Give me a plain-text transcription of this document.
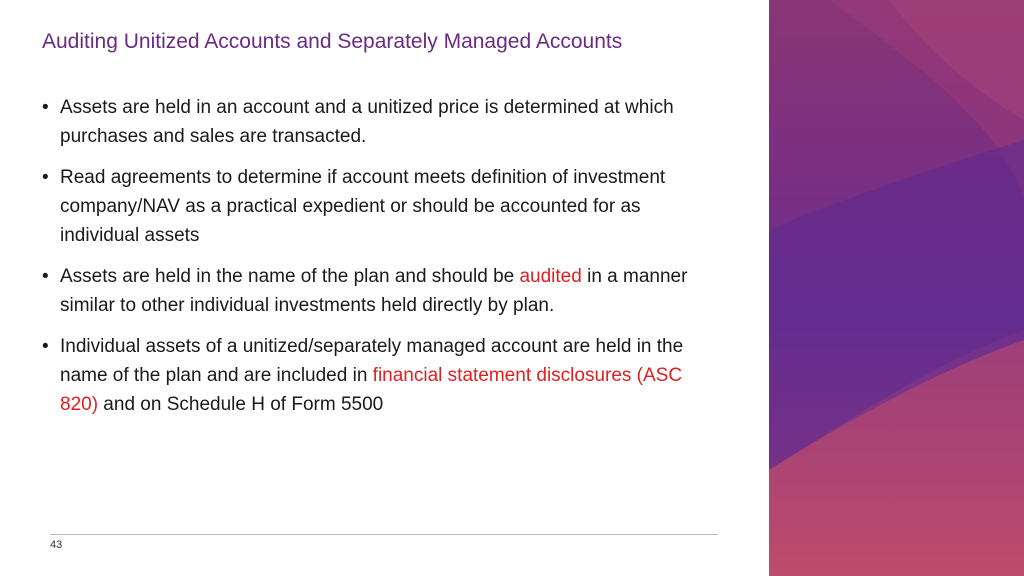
Auditing Unitized Accounts and Separately Managed Accounts
• Assets are held in an account and a unitized price is determined at which purchases and sales are transacted.
• Read agreements to determine if account meets definition of investment company/NAV as a practical expedient or should be accounted for as individual assets
• Assets are held in the name of the plan and should be audited in a manner similar to other individual investments held directly by plan.
• Individual assets of a unitized/separately managed account are held in the name of the plan and are included in financial statement disclosures (ASC 820) and on Schedule H of Form 5500
43
